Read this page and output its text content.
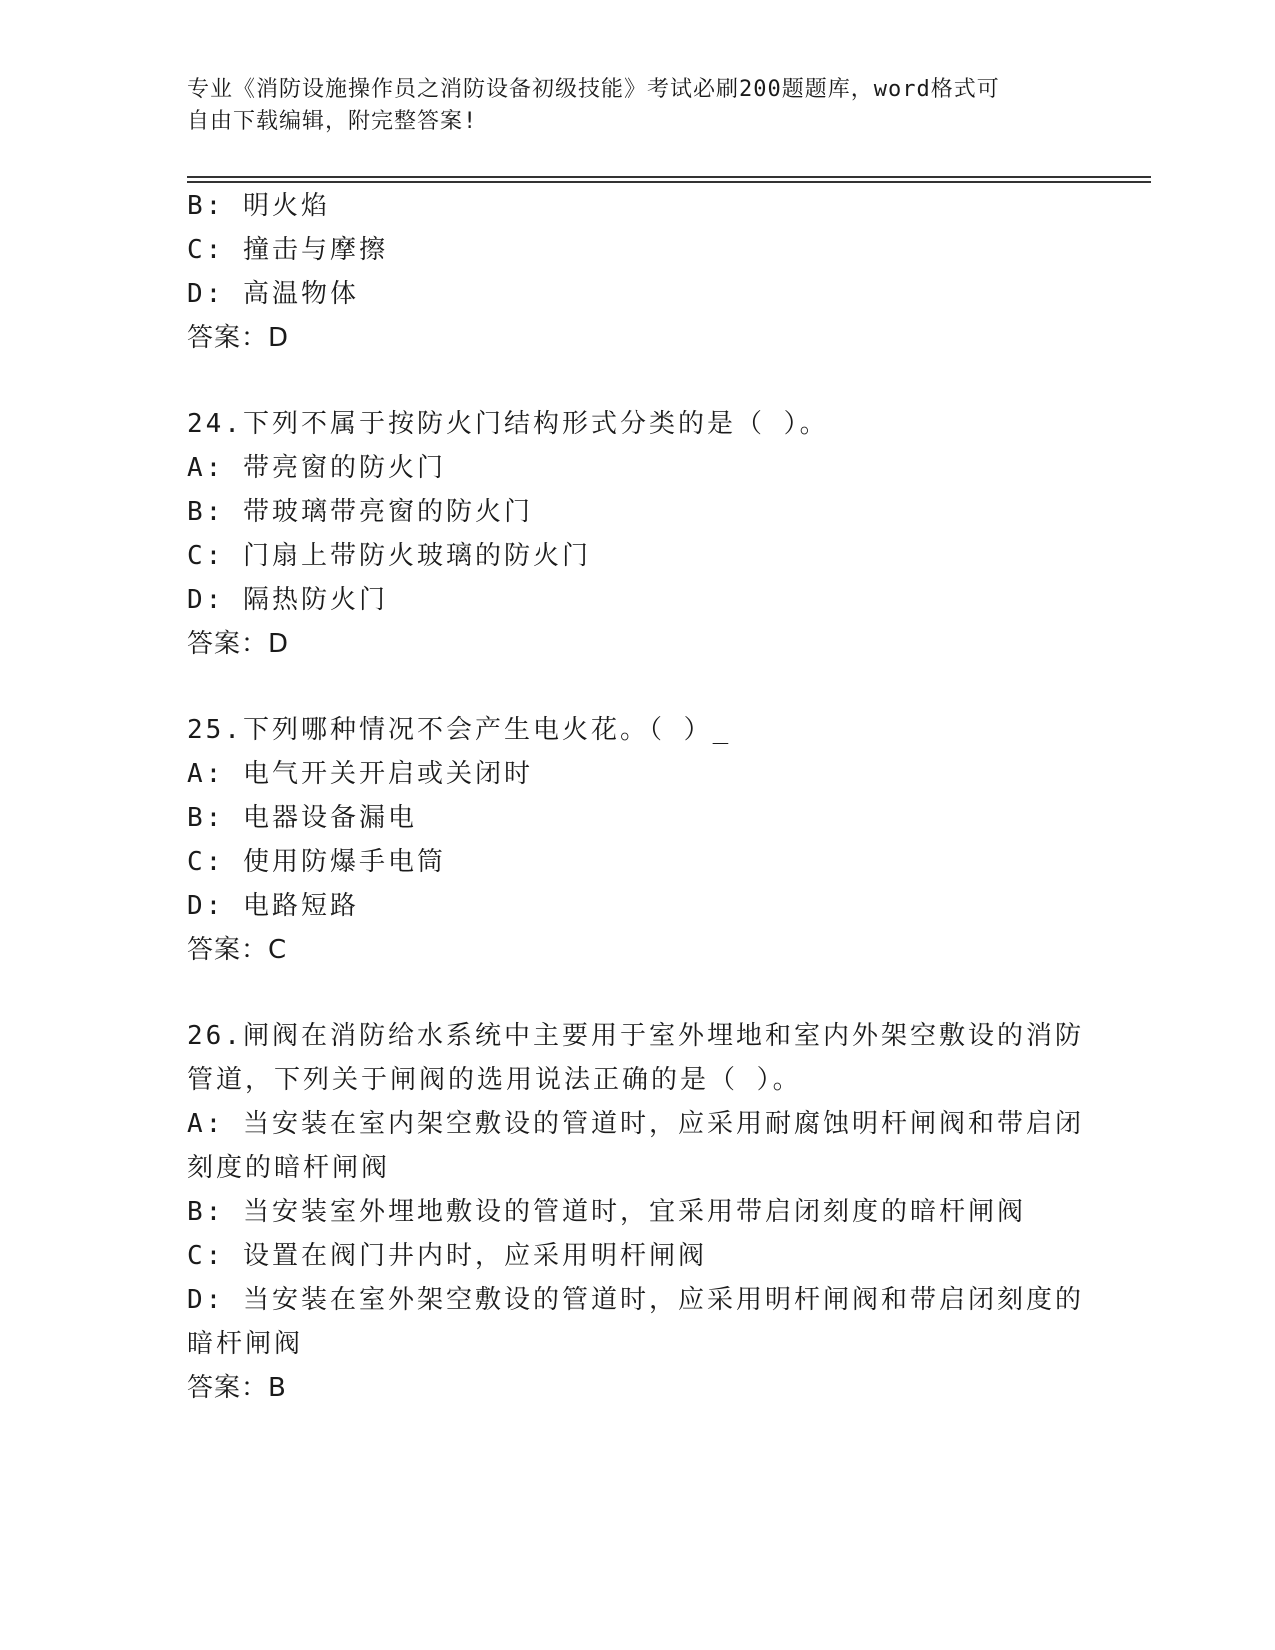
专业《消防设施操作员之消防设备初级技能》考试必刷200题题库，word格式可
自由下载编辑，附完整答案!
B: 明火焰
C: 撞击与摩擦
D: 高温物体
答案：D
24.下列不属于按防火门结构形式分类的是（ ）。
A: 带亮窗的防火门
B: 带玻璃带亮窗的防火门
C: 门扇上带防火玻璃的防火门
D: 隔热防火门
答案：D
25.下列哪种情况不会产生电火花。（ ）_
A: 电气开关开启或关闭时
B: 电器设备漏电
C: 使用防爆手电筒
D: 电路短路
答案：C
26.闸阀在消防给水系统中主要用于室外埋地和室内外架空敷设的消防
管道，下列关于闸阀的选用说法正确的是（ ）。
A: 当安装在室内架空敷设的管道时，应采用耐腐蚀明杆闸阀和带启闭
刻度的暗杆闸阀
B: 当安装室外埋地敷设的管道时，宜采用带启闭刻度的暗杆闸阀
C: 设置在阀门井内时，应采用明杆闸阀
D: 当安装在室外架空敷设的管道时，应采用明杆闸阀和带启闭刻度的
暗杆闸阀
答案：B
